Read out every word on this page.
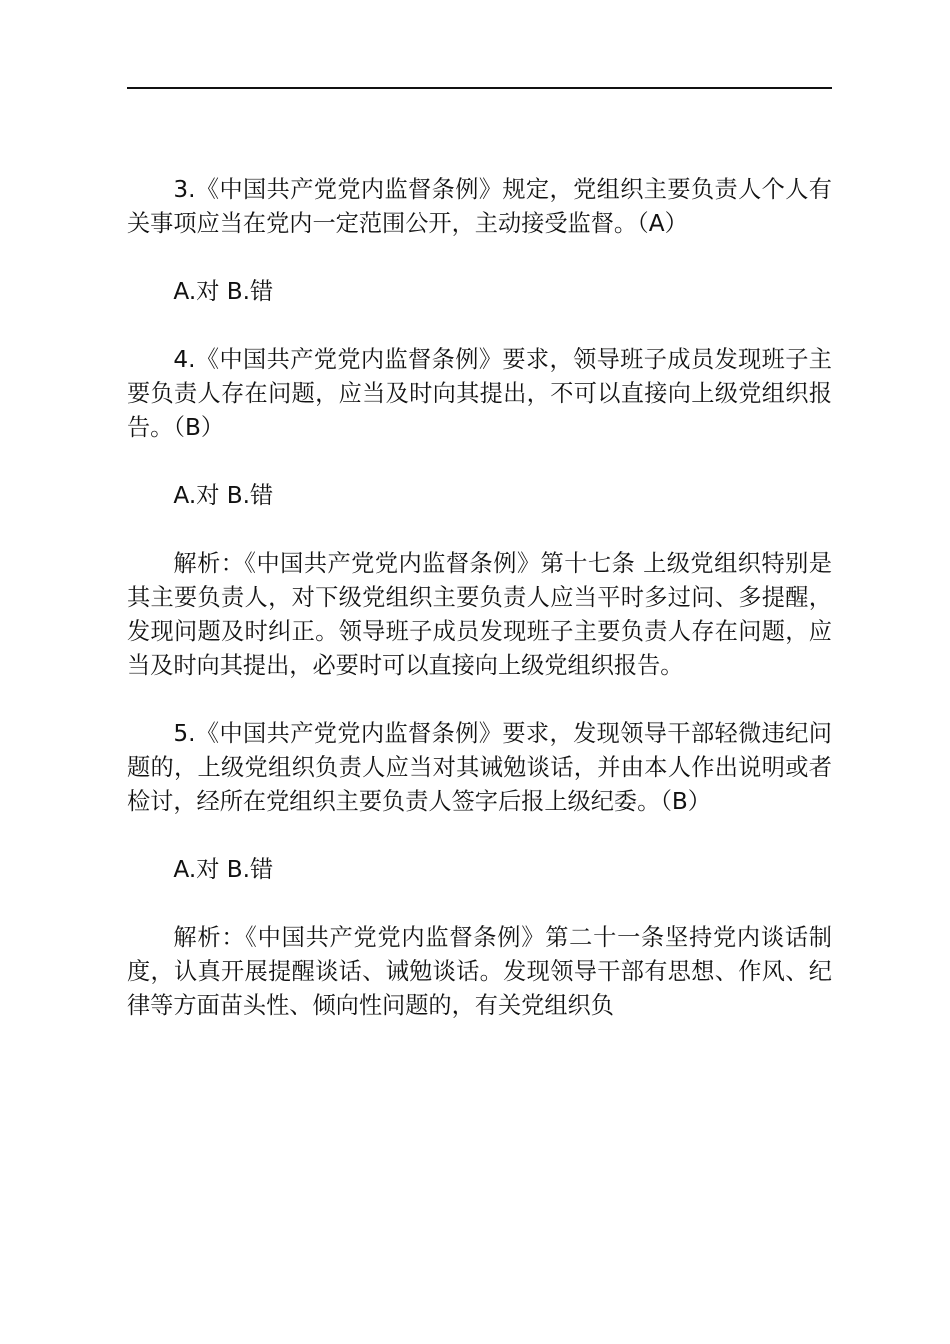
3.《中国共产党党内监督条例》规定，党组织主要负责人个人有关事项应当在党内一定范围公开，主动接受监督。（A）

A.对 B.错

4.《中国共产党党内监督条例》要求，领导班子成员发现班子主要负责人存在问题，应当及时向其提出，不可以直接向上级党组织报告。（B）

A.对 B.错

解析：《中国共产党党内监督条例》第十七条 上级党组织特别是其主要负责人，对下级党组织主要负责人应当平时多过问、多提醒，发现问题及时纠正。领导班子成员发现班子主要负责人存在问题，应当及时向其提出，必要时可以直接向上级党组织报告。

5.《中国共产党党内监督条例》要求，发现领导干部轻微违纪问题的，上级党组织负责人应当对其诫勉谈话，并由本人作出说明或者检讨，经所在党组织主要负责人签字后报上级纪委。（B）

A.对 B.错

解析：《中国共产党党内监督条例》第二十一条坚持党内谈话制度，认真开展提醒谈话、诫勉谈话。发现领导干部有思想、作风、纪律等方面苗头性、倾向性问题的，有关党组织负
